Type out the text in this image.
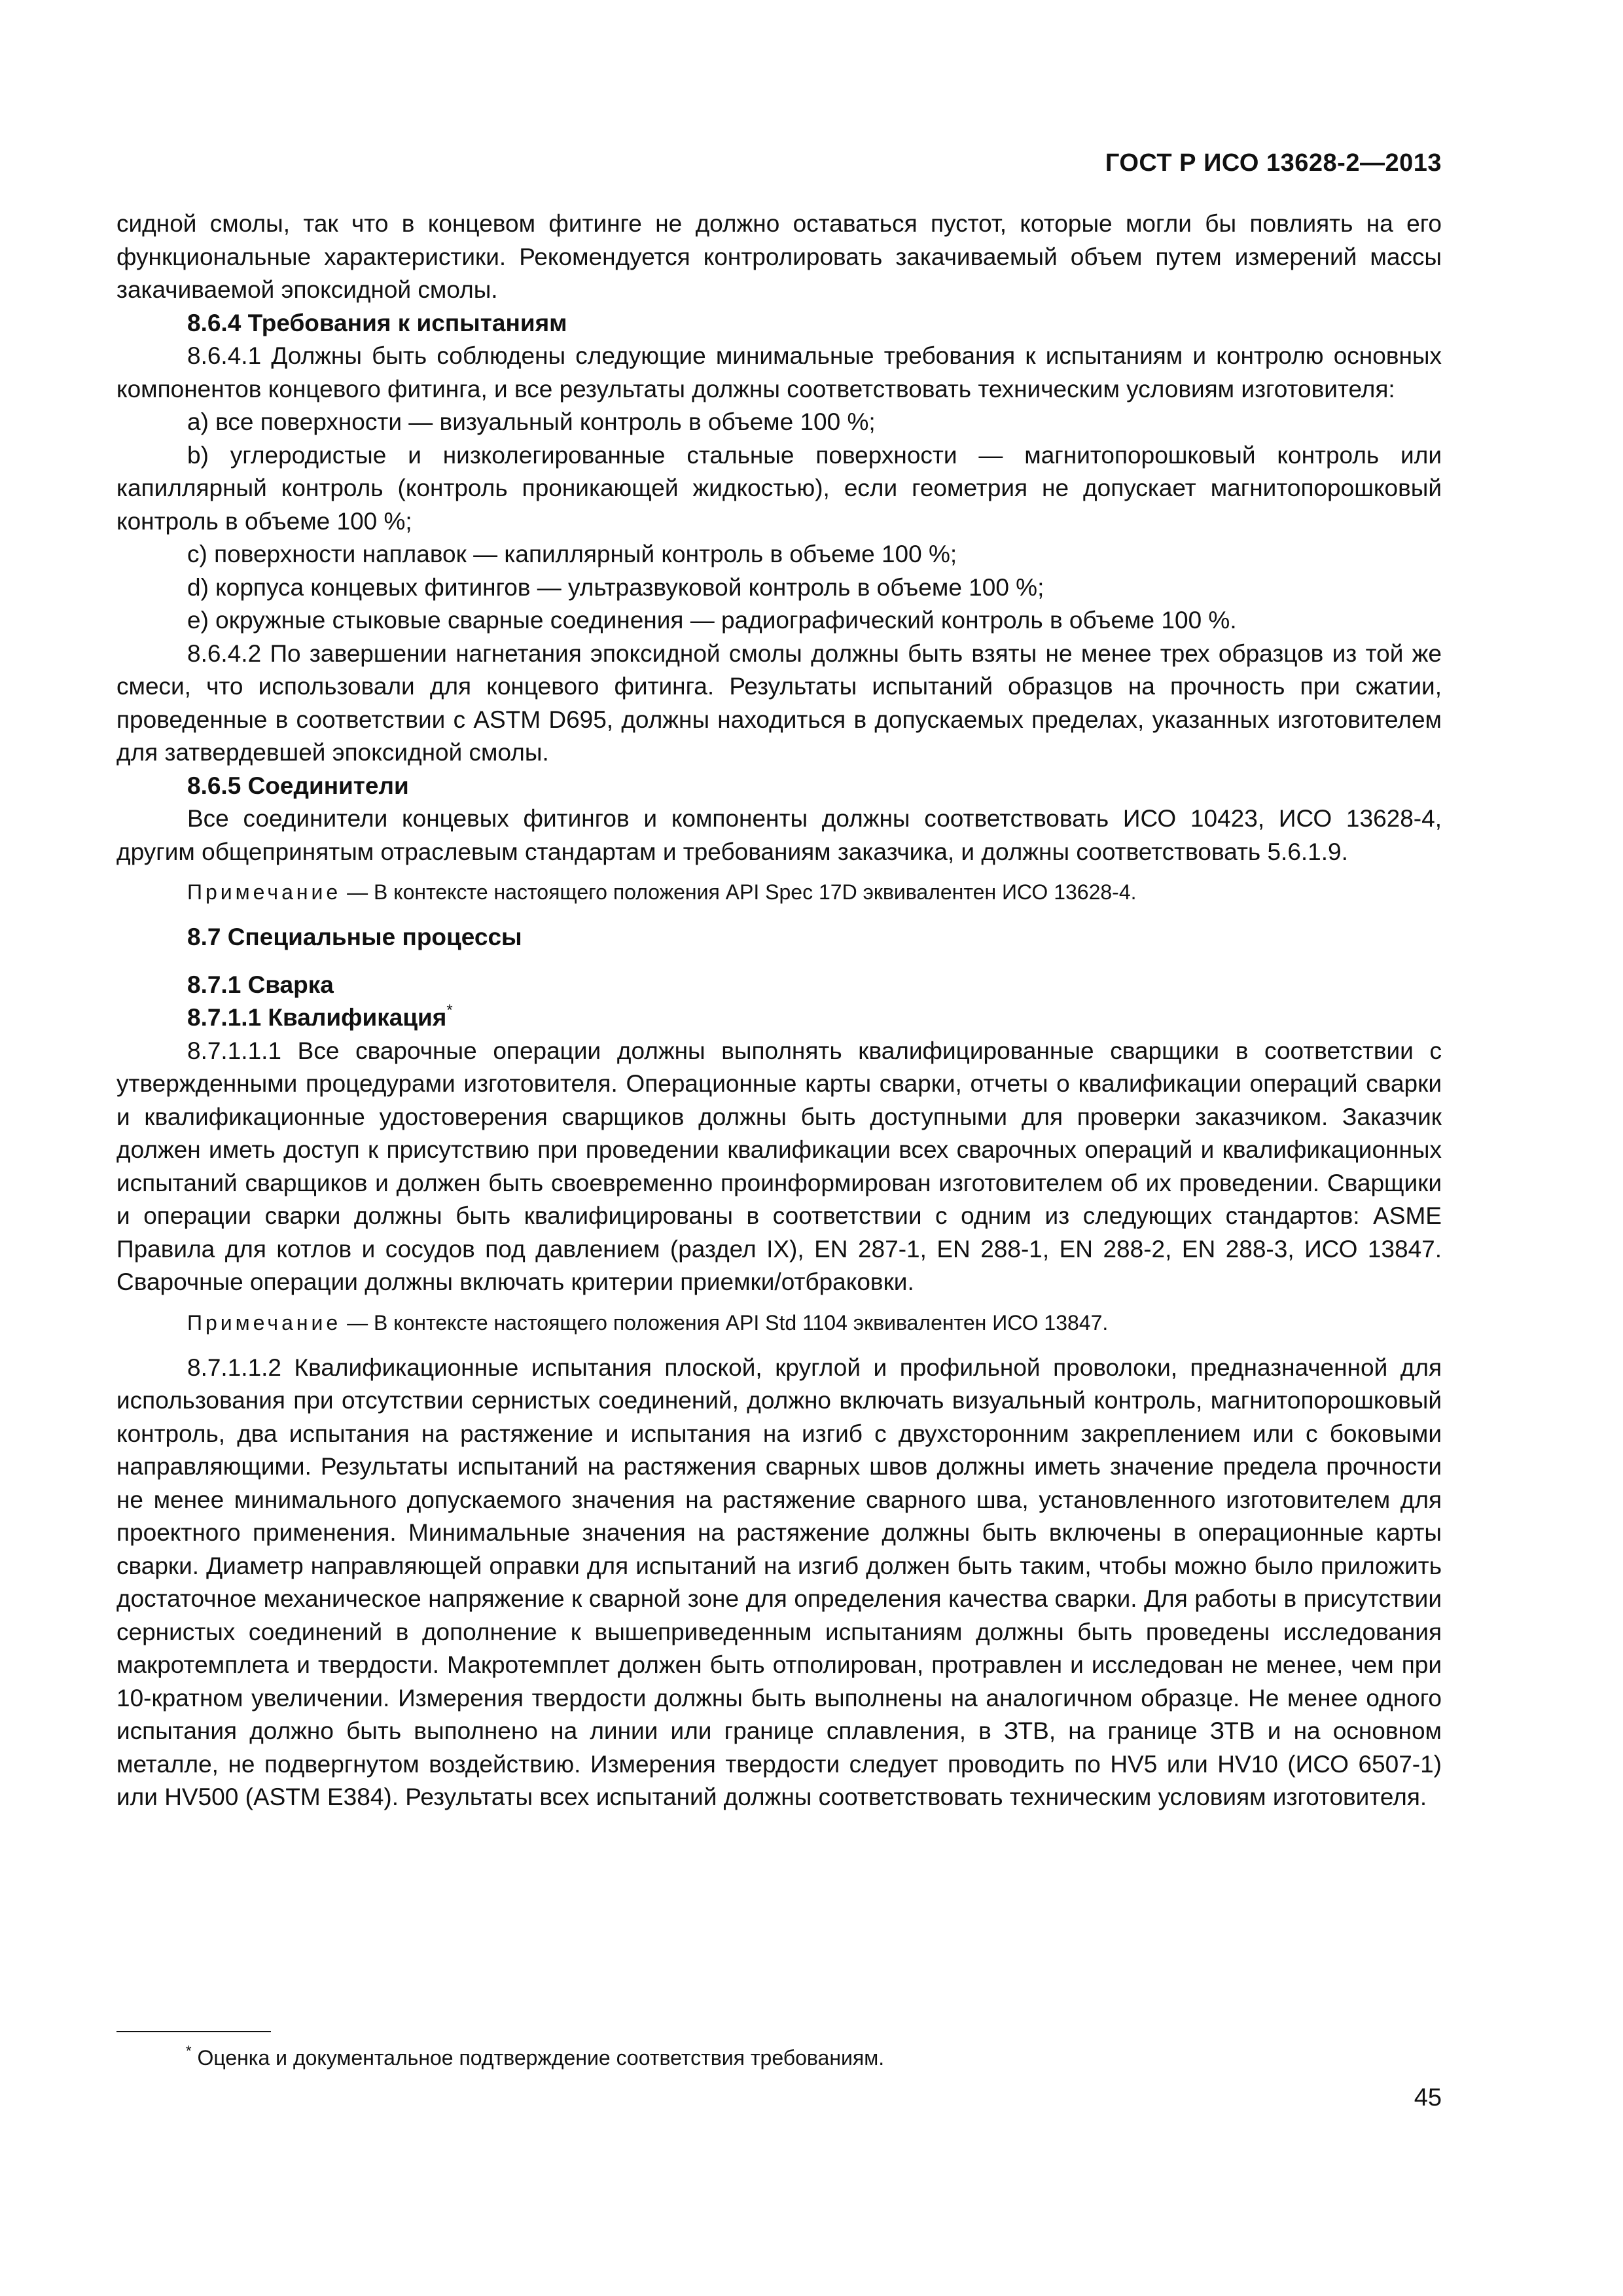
ГОСТ Р ИСО 13628-2—2013

сидной смолы, так что в концевом фитинге не должно оставаться пустот, которые могли бы повлиять на его функциональные характеристики. Рекомендуется контролировать закачиваемый объем путем измерений массы закачиваемой эпоксидной смолы.

8.6.4 Требования к испытаниям

8.6.4.1 Должны быть соблюдены следующие минимальные требования к испытаниям и контролю основных компонентов концевого фитинга, и все результаты должны соответствовать техническим условиям изготовителя:

a) все поверхности — визуальный контроль в объеме 100 %;

b) углеродистые и низколегированные стальные поверхности — магнитопорошковый контроль или капиллярный контроль (контроль проникающей жидкостью), если геометрия не допускает магнитопорошковый контроль в объеме 100 %;

c) поверхности наплавок — капиллярный контроль в объеме 100 %;

d) корпуса концевых фитингов — ультразвуковой контроль в объеме 100 %;

e) окружные стыковые сварные соединения — радиографический контроль в объеме 100 %.

8.6.4.2 По завершении нагнетания эпоксидной смолы должны быть взяты не менее трех образцов из той же смеси, что использовали для концевого фитинга. Результаты испытаний образцов на прочность при сжатии, проведенные в соответствии с ASTM D695, должны находиться в допускаемых пределах, указанных изготовителем для затвердевшей эпоксидной смолы.

8.6.5 Соединители

Все соединители концевых фитингов и компоненты должны соответствовать ИСО 10423, ИСО 13628-4, другим общепринятым отраслевым стандартам и требованиям заказчика, и должны соответствовать 5.6.1.9.

Примечание — В контексте настоящего положения API Spec 17D эквивалентен ИСО 13628-4.

8.7 Специальные процессы

8.7.1 Сварка

8.7.1.1 Квалификация*

8.7.1.1.1 Все сварочные операции должны выполнять квалифицированные сварщики в соответствии с утвержденными процедурами изготовителя. Операционные карты сварки, отчеты о квалификации операций сварки и квалификационные удостоверения сварщиков должны быть доступными для проверки заказчиком. Заказчик должен иметь доступ к присутствию при проведении квалификации всех сварочных операций и квалификационных испытаний сварщиков и должен быть своевременно проинформирован изготовителем об их проведении. Сварщики и операции сварки должны быть квалифицированы в соответствии с одним из следующих стандартов: ASME Правила для котлов и сосудов под давлением (раздел IX), EN 287-1, EN 288-1, EN 288-2, EN 288-3, ИСО 13847. Сварочные операции должны включать критерии приемки/отбраковки.

Примечание — В контексте настоящего положения API Std 1104 эквивалентен ИСО 13847.

8.7.1.1.2 Квалификационные испытания плоской, круглой и профильной проволоки, предназначенной для использования при отсутствии сернистых соединений, должно включать визуальный контроль, магнитопорошковый контроль, два испытания на растяжение и испытания на изгиб с двухсторонним закреплением или с боковыми направляющими. Результаты испытаний на растяжения сварных швов должны иметь значение предела прочности не менее минимального допускаемого значения на растяжение сварного шва, установленного изготовителем для проектного применения. Минимальные значения на растяжение должны быть включены в операционные карты сварки. Диаметр направляющей оправки для испытаний на изгиб должен быть таким, чтобы можно было приложить достаточное механическое напряжение к сварной зоне для определения качества сварки. Для работы в присутствии сернистых соединений в дополнение к вышеприведенным испытаниям должны быть проведены исследования макротемплета и твердости. Макротемплет должен быть отполирован, протравлен и исследован не менее, чем при 10-кратном увеличении. Измерения твердости должны быть выполнены на аналогичном образце. Не менее одного испытания должно быть выполнено на линии или границе сплавления, в ЗТВ, на границе ЗТВ и на основном металле, не подвергнутом воздействию. Измерения твердости следует проводить по HV5 или HV10 (ИСО 6507-1) или HV500 (ASTM E384). Результаты всех испытаний должны соответствовать техническим условиям изготовителя.

* Оценка и документальное подтверждение соответствия требованиям.
45
